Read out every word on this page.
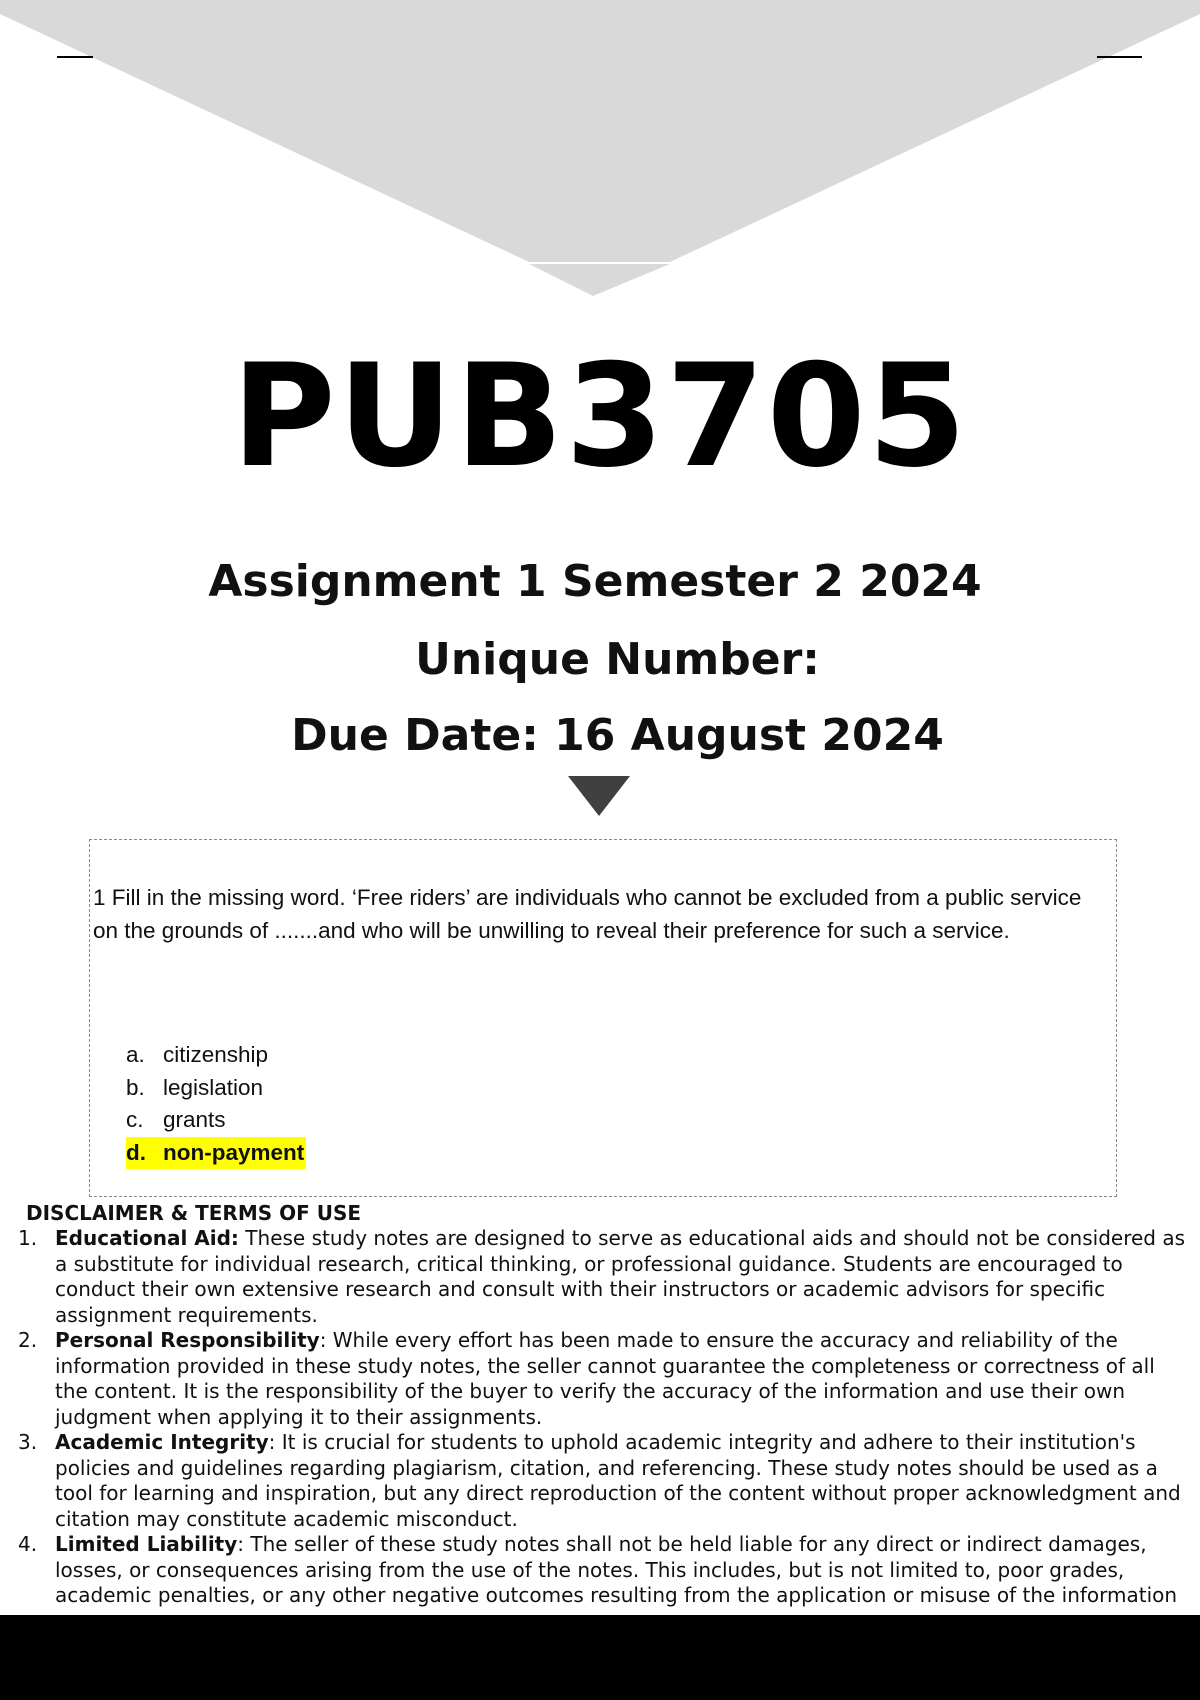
PUB3705
Assignment 1 Semester 2 2024
Unique Number:
Due Date: 16 August 2024
1 Fill in the missing word. ‘Free riders’ are individuals who cannot be excluded from a public service on the grounds of .......and who will be unwilling to reveal their preference for such a service.
a. citizenship
b. legislation
c. grants
d. non-payment
DISCLAIMER & TERMS OF USE
1. Educational Aid: These study notes are designed to serve as educational aids and should not be considered as a substitute for individual research, critical thinking, or professional guidance. Students are encouraged to conduct their own extensive research and consult with their instructors or academic advisors for specific assignment requirements.
2. Personal Responsibility: While every effort has been made to ensure the accuracy and reliability of the information provided in these study notes, the seller cannot guarantee the completeness or correctness of all the content. It is the responsibility of the buyer to verify the accuracy of the information and use their own judgment when applying it to their assignments.
3. Academic Integrity: It is crucial for students to uphold academic integrity and adhere to their institution's policies and guidelines regarding plagiarism, citation, and referencing. These study notes should be used as a tool for learning and inspiration, but any direct reproduction of the content without proper acknowledgment and citation may constitute academic misconduct.
4. Limited Liability: The seller of these study notes shall not be held liable for any direct or indirect damages, losses, or consequences arising from the use of the notes. This includes, but is not limited to, poor grades, academic penalties, or any other negative outcomes resulting from the application or misuse of the information
